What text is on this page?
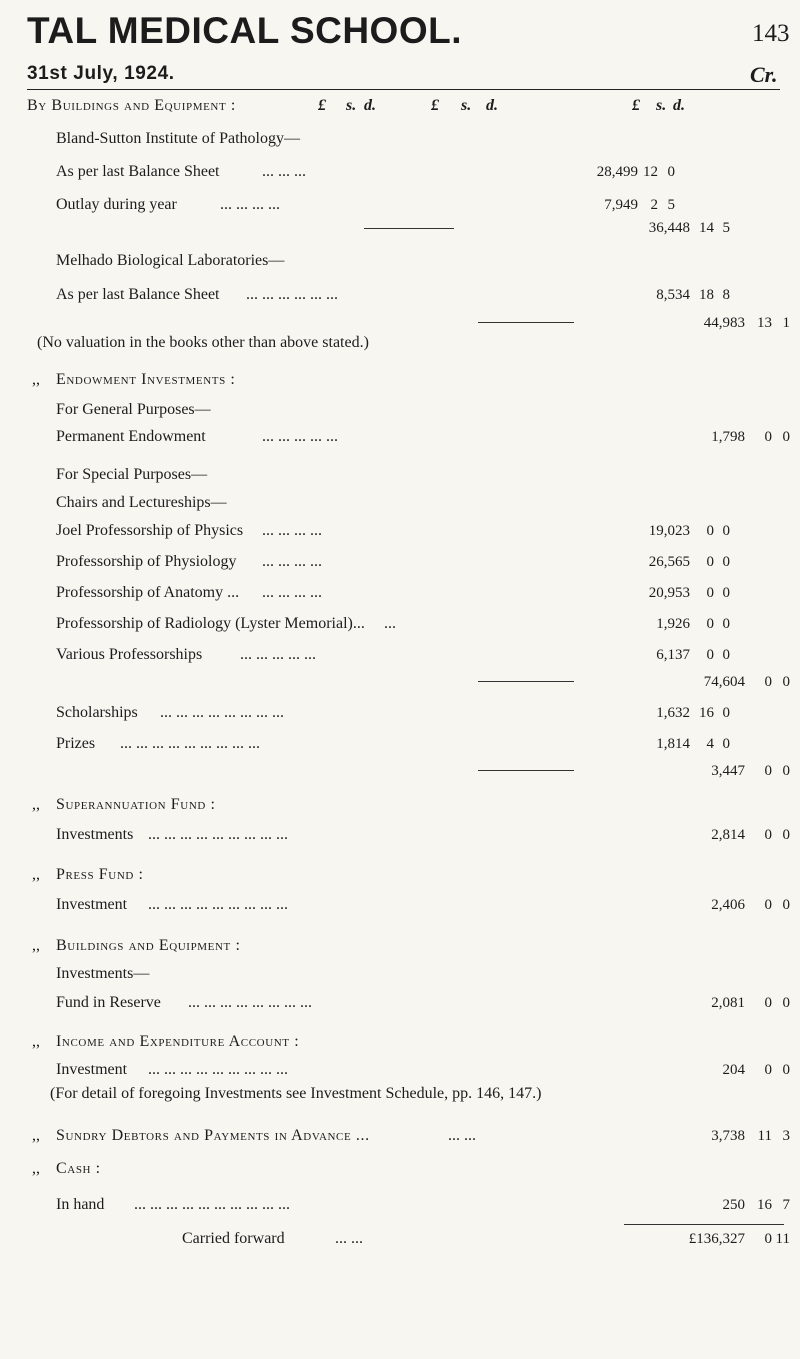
TAL MEDICAL SCHOOL.	143
31st July, 1924.	Cr.
£ s. d.	£ s. d.	£ s. d.
By Buildings and Equipment :
Bland-Sutton Institute of Pathology—
As per last Balance Sheet	... ... ...	28,499 12 0
Outlay during year	... ... ... ...	7,949 2 5
36,448 14 5
Melhado Biological Laboratories—
As per last Balance Sheet ... ... ... ... ... ...	8,534 18 8
44,983 13 1
(No valuation in the books other than above stated.)
,, Endowment Investments :
For General Purposes—
Permanent Endowment	... ... ... ... ...	1,798 0 0
For Special Purposes—
Chairs and Lectureships—
Joel Professorship of Physics ... ... ... ...	19,023 0 0
Professorship of Physiology ... ... ... ...	26,565 0 0
Professorship of Anatomy ... ... ... ... ...	20,953 0 0
Professorship of Radiology (Lyster Memorial)... ...	1,926 0 0
Various Professorships ... ... ... ... ...	6,137 0 0
74,604 0 0
Scholarships ... ... ... ... ... ... ... ...	1,632 16 0
Prizes ... ... ... ... ... ... ... ... ...	1,814 4 0
3,447 0 0
,, Superannuation Fund :
Investments ... ... ... ... ... ... ... ... ...	2,814 0 0
,, Press Fund :
Investment ... ... ... ... ... ... ... ... ...	2,406 0 0
,, Buildings and Equipment :
Investments—
Fund in Reserve ... ... ... ... ... ... ... ...	2,081 0 0
,, Income and Expenditure Account :
Investment ... ... ... ... ... ... ... ... ...	204 0 0
(For detail of foregoing Investments see Investment Schedule, pp. 146, 147.)
,, Sundry Debtors and Payments in Advance ...	... ...	3,738 11 3
,, Cash :
In hand ... ... ... ... ... ... ... ... ... ...	250 16 7
Carried forward	... ...	£136,327 0 11
